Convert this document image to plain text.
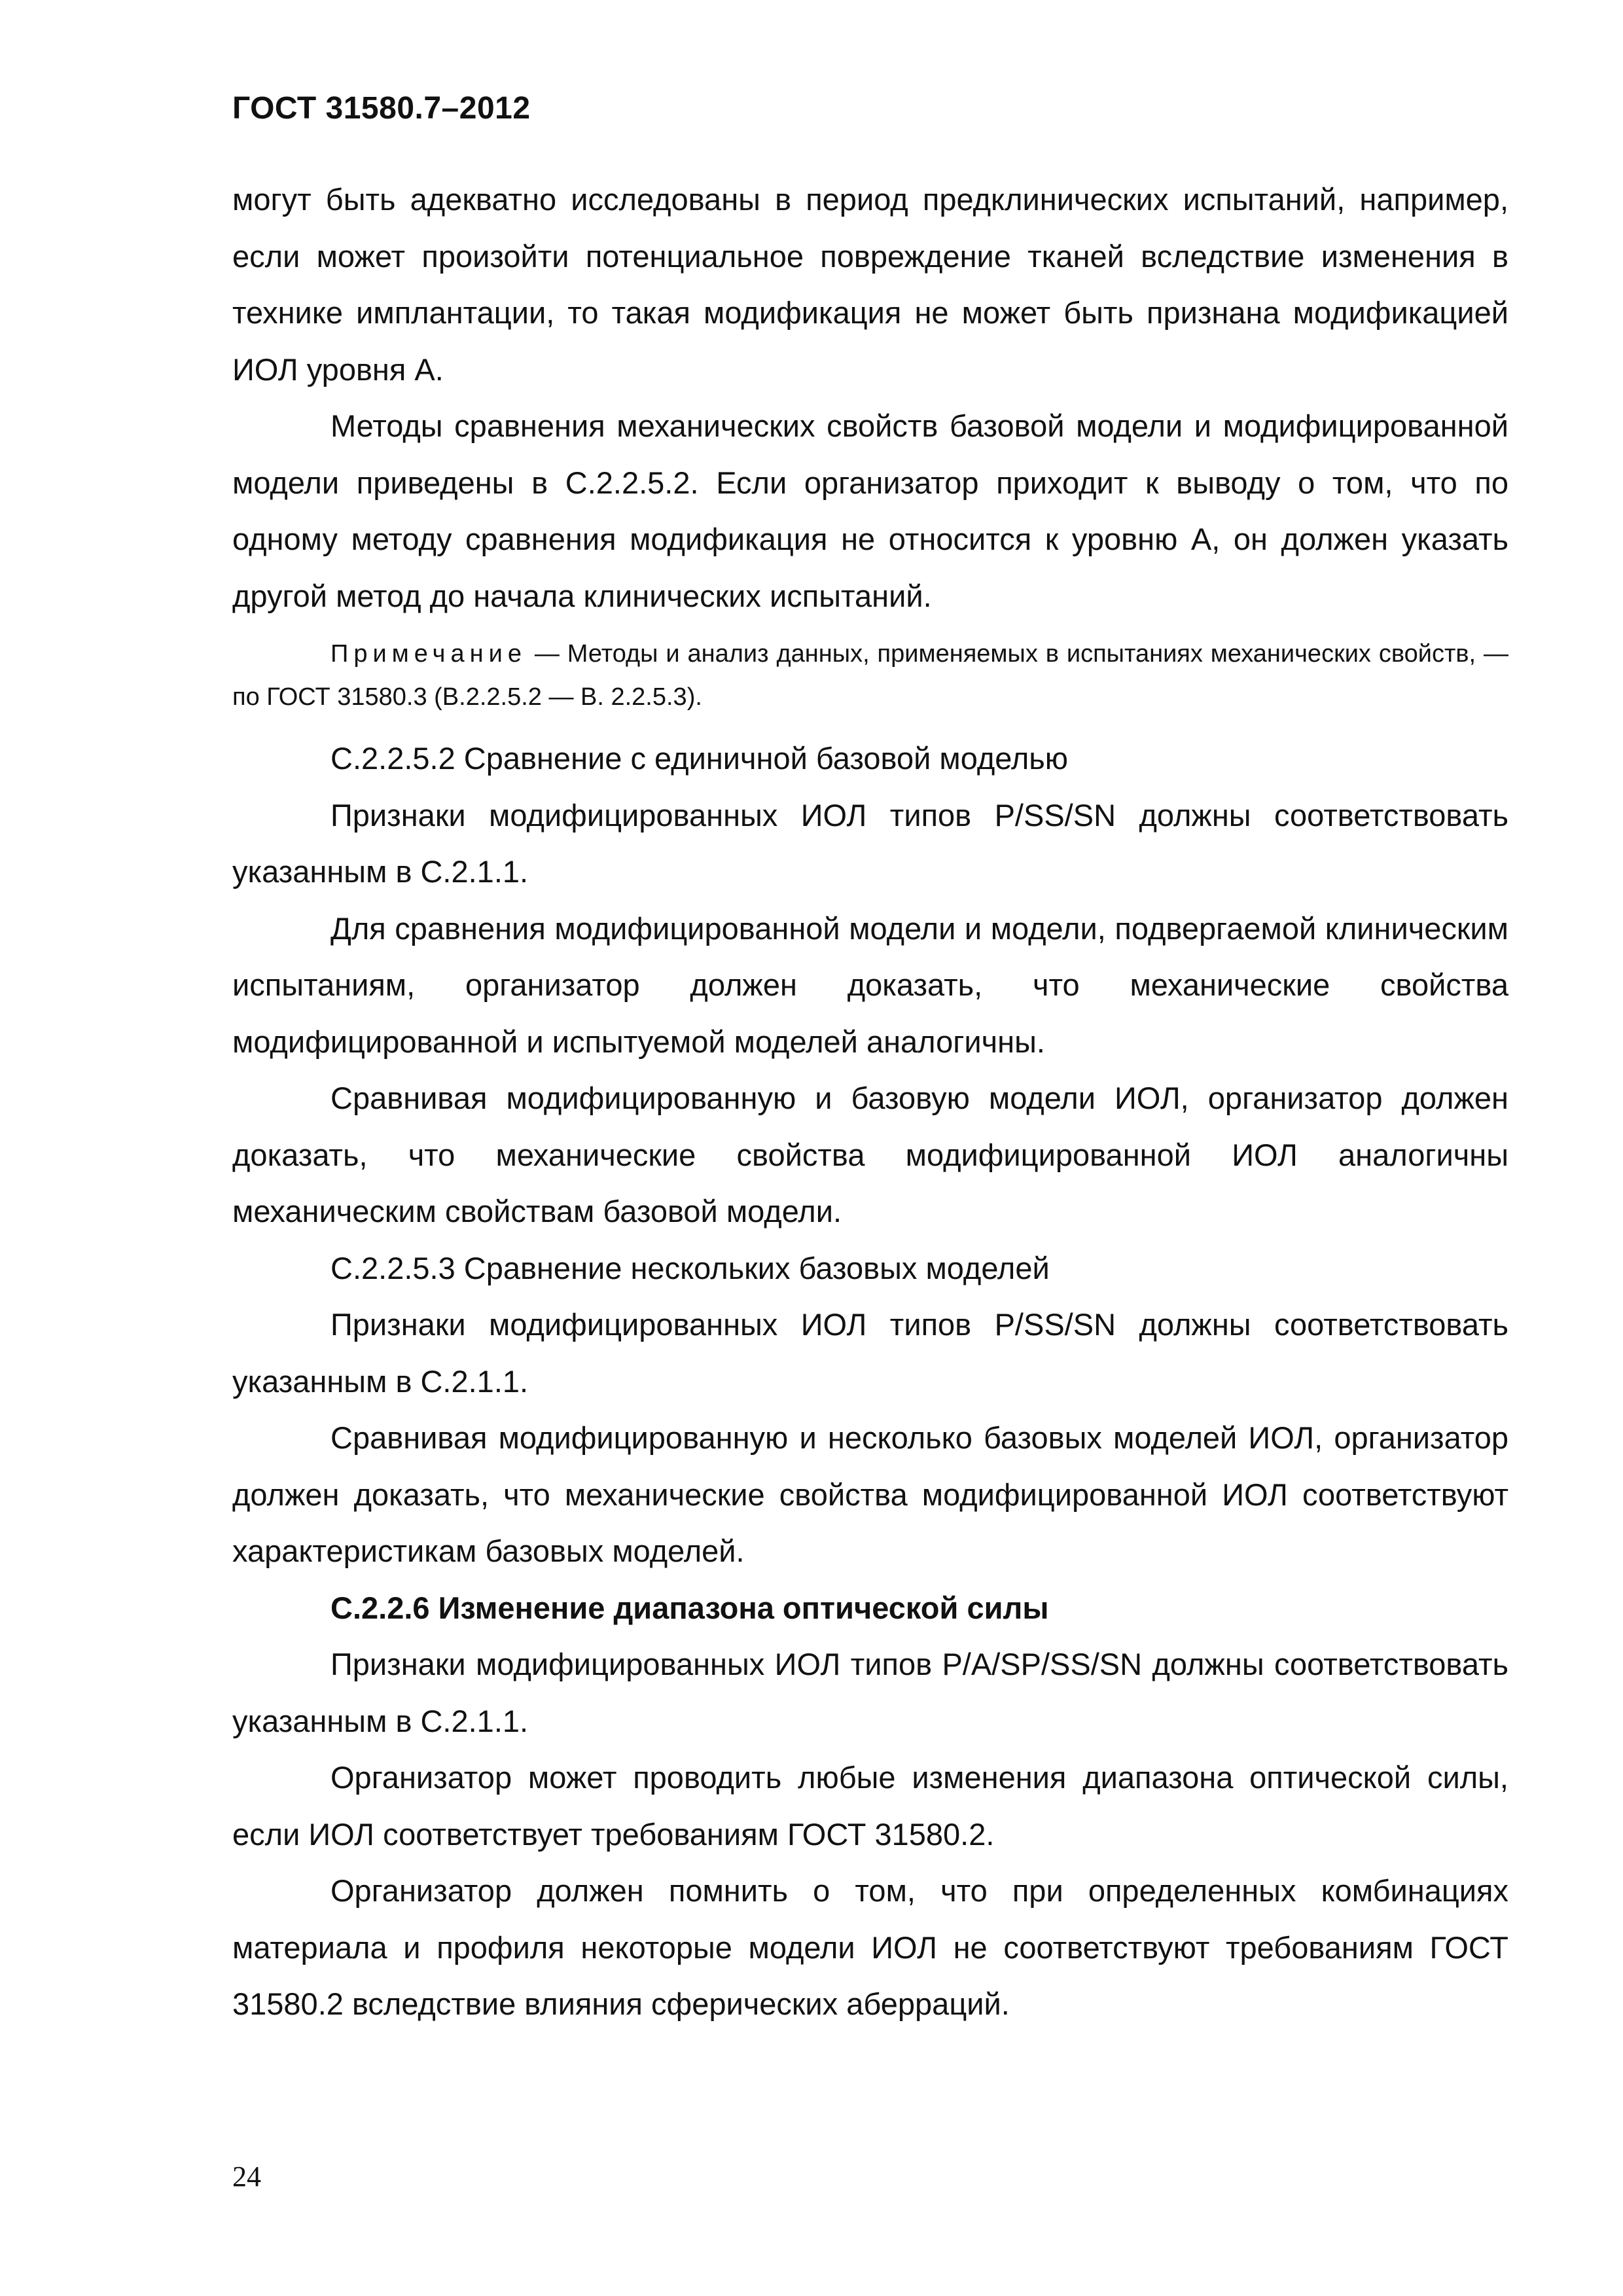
ГОСТ 31580.7–2012

могут быть адекватно исследованы в период предклинических испытаний, например, если может произойти потенциальное повреждение тканей вследствие изменения в технике имплантации, то такая модификация не может быть признана модификацией ИОЛ уровня А.

Методы сравнения механических свойств базовой модели и модифицированной модели приведены в С.2.2.5.2. Если организатор приходит к выводу о том, что по одному методу сравнения модификация не относится к уровню А, он должен указать другой метод до начала клинических испытаний.

Примечание — Методы и анализ данных, применяемых в испытаниях механических свойств, — по ГОСТ 31580.3 (В.2.2.5.2 — В. 2.2.5.3).

С.2.2.5.2 Сравнение с единичной базовой моделью

Признаки модифицированных ИОЛ типов P/SS/SN должны соответствовать указанным в С.2.1.1.

Для сравнения модифицированной модели и модели, подвергаемой клиническим испытаниям, организатор должен доказать, что механические свойства модифицированной и испытуемой моделей аналогичны.

Сравнивая модифицированную и базовую модели ИОЛ, организатор должен доказать, что механические свойства модифицированной ИОЛ аналогичны механическим свойствам базовой модели.

С.2.2.5.3 Сравнение нескольких базовых моделей

Признаки модифицированных ИОЛ типов P/SS/SN должны соответствовать указанным в С.2.1.1.

Сравнивая модифицированную и несколько базовых моделей ИОЛ, организатор должен доказать, что механические свойства модифицированной ИОЛ соответствуют характеристикам базовых моделей.

С.2.2.6 Изменение диапазона оптической силы

Признаки модифицированных ИОЛ типов P/A/SP/SS/SN должны соответствовать указанным в С.2.1.1.

Организатор может проводить любые изменения диапазона оптической силы, если ИОЛ соответствует требованиям ГОСТ 31580.2.

Организатор должен помнить о том, что при определенных комбинациях материала и профиля некоторые модели ИОЛ не соответствуют требованиям ГОСТ 31580.2 вследствие влияния сферических аберраций.

24
